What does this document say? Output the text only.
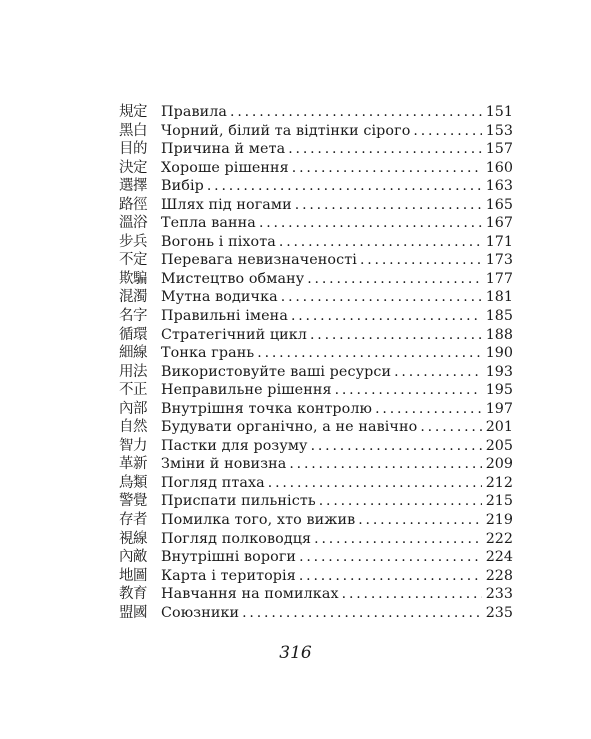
規定 Правила . . .	151
黑白 Чорний, білий та відтінки сірого . . .	153
目的 Причина й мета . . .	157
決定 Хороше рішення . . .	160
選擇 Вибір . . .	163
路徑 Шлях під ногами . . .	165
溫浴 Тепла ванна . . .	167
步兵 Вогонь і піхота . . .	171
不定 Перевага невизначеності . . .	173
欺騙 Мистецтво обману . . .	177
混濁 Мутна водичка . . .	181
名字 Правильні імена . . .	185
循環 Стратегічний цикл . . .	188
細線 Тонка грань . . .	190
用法 Використовуйте ваші ресурси . . .	193
不正 Неправильне рішення . . .	195
內部 Внутрішня точка контролю . . .	197
自然 Будувати органічно, а не навічно . . .	201
智力 Пастки для розуму . . .	205
革新 Зміни й новизна . . .	209
鳥類 Погляд птаха . . .	212
警覺 Приспати пильність . . .	215
存者 Помилка того, хто вижив . . .	219
視線 Погляд полководця . . .	222
內敵 Внутрішні вороги . . .	224
地圖 Карта і територія . . .	228
教育 Навчання на помилках . . .	233
盟國 Союзники . . .	235
316
